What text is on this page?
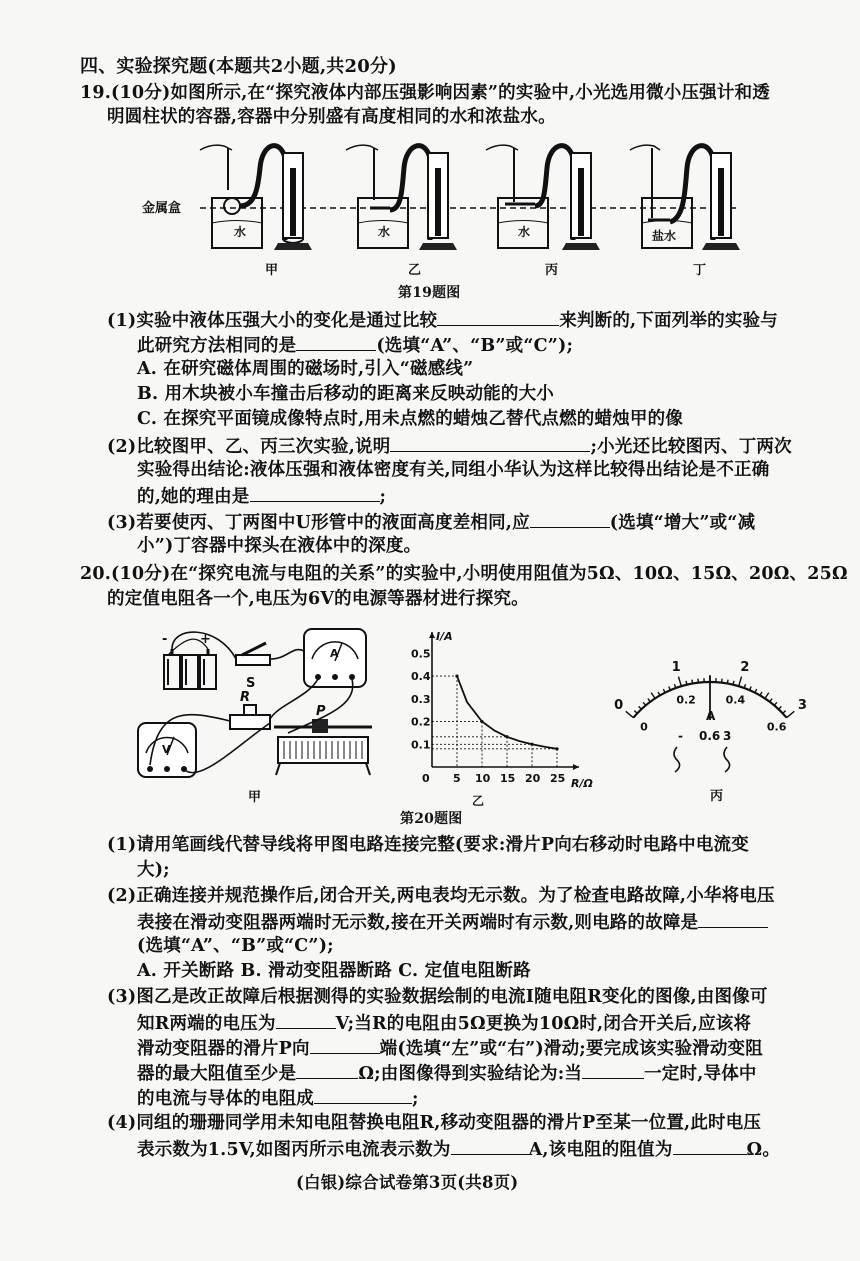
四、实验探究题(本题共2小题,共20分)
19.(10分)如图所示,在“探究液体内部压强影响因素”的实验中,小光选用微小压强计和透
明圆柱状的容器,容器中分别盛有高度相同的水和浓盐水。
金属盒
水	水	水	盐水
甲	乙	丙	丁
第19题图
(1)实验中液体压强大小的变化是通过比较	来判断的,下面列举的实验与
此研究方法相同的是	(选填“A”、“B”或“C”);
A. 在研究磁体周围的磁场时,引入“磁感线”
B. 用木块被小车撞击后移动的距离来反映动能的大小
C. 在探究平面镜成像特点时,用未点燃的蜡烛乙替代点燃的蜡烛甲的像
(2)比较图甲、乙、丙三次实验,说明	;小光还比较图丙、丁两次
实验得出结论:液体压强和液体密度有关,同组小华认为这样比较得出结论是不正确
的,她的理由是	;
(3)若要使丙、丁两图中U形管中的液面高度差相同,应	(选填“增大”或“减
小”)丁容器中探头在液体中的深度。
20.(10分)在“探究电流与电阻的关系”的实验中,小明使用阻值为5Ω、10Ω、15Ω、20Ω、25Ω
的定值电阻各一个,电压为6V的电源等器材进行探究。
+
-
S
R
P
A
V
甲
I/A
R/Ω
0.1
0.2
0.3
0.4
0.5
0 5 10 15 20 25
乙
0
1	2
3
0
0.2	0.4
0.6
A
- 0.6 3
丙
第20题图
(1)请用笔画线代替导线将甲图电路连接完整(要求:滑片P向右移动时电路中电流变
大);
(2)正确连接并规范操作后,闭合开关,两电表均无示数。为了检查电路故障,小华将电压
表接在滑动变阻器两端时无示数,接在开关两端时有示数,则电路的故障是
(选填“A”、“B”或“C”);
A. 开关断路 B. 滑动变阻器断路 C. 定值电阻断路
(3)图乙是改正故障后根据测得的实验数据绘制的电流I随电阻R变化的图像,由图像可
知R两端的电压为	V;当R的电阻由5Ω更换为10Ω时,闭合开关后,应该将
滑动变阻器的滑片P向	端(选填“左”或“右”)滑动;要完成该实验滑动变阻
器的最大阻值至少是	Ω;由图像得到实验结论为:当	一定时,导体中
的电流与导体的电阻成	;
(4)同组的珊珊同学用未知电阻替换电阻R,移动变阻器的滑片P至某一位置,此时电压
表示数为1.5V,如图丙所示电流表示数为	A,该电阻的阻值为	Ω。
(白银)综合试卷第3页(共8页)
